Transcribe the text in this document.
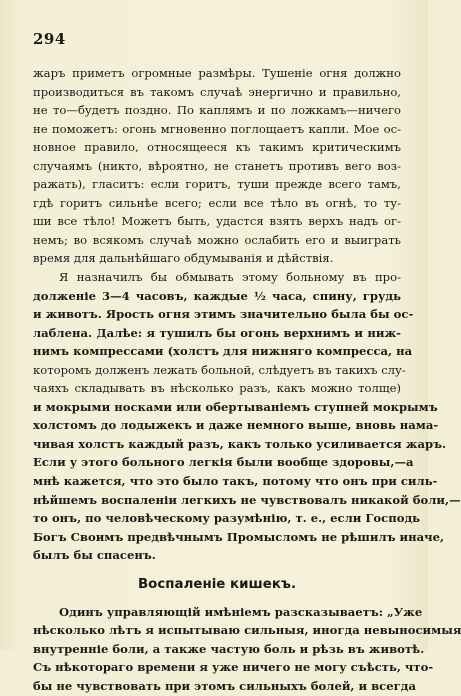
294
жаръ приметъ огромные размѣры. Тушеніе огня должно
производиться въ такомъ случаѣ энергично и правильно,
не то—будетъ поздно. По каплямъ и по ложкамъ—ничего
не поможетъ: огонь мгновенно поглощаетъ капли. Мое ос-
новное правило, относящееся къ такимъ критическимъ
случаямъ (никто, вѣроятно, не станетъ противъ вего воз-
ражать), гласитъ: если горитъ, туши прежде всего тамъ,
гдѣ горитъ сильнѣе всего; если все тѣло въ огнѣ, то ту-
ши все тѣло! Можетъ быть, удастся взять верхъ надъ ог-
немъ; во всякомъ случаѣ можно ослабить его и выиграть
время для дальнѣйшаго обдумыванія и дѣйствія.
Я назначилъ бы обмывать этому больному въ про-
долженіе 3—4 часовъ, каждые ½ часа, спину, грудь
и животъ. Ярость огня этимъ значительно была бы ос-
лаблена. Далѣе: я тушилъ бы огонь верхнимъ и ниж-
нимъ компрессами (холстъ для нижняго компресса, на
которомъ долженъ лежать больной, слѣдуетъ въ такихъ слу-
чаяхъ складывать въ нѣсколько разъ, какъ можно толще)
и мокрыми носками или обертываніемъ ступней мокрымъ
холстомъ до лодыжекъ и даже немного выше, вновь нама-
чивая холстъ каждый разъ, какъ только усиливается жаръ.
Если у этого больного легкія были вообще здоровы,—а
мнѣ кажется, что это было такъ, потому что онъ при силь-
нѣйшемъ воспаленіи легкихъ не чувствовалъ никакой боли,—
то онъ, по человѣческому разумѣнію, т. е., если Господь
Богъ Своимъ предвѣчнымъ Промысломъ не рѣшилъ иначе,
былъ бы спасенъ.
Воспаленіе кишекъ.
Одинъ управляющій имѣніемъ разсказываетъ: „Уже
нѣсколько лѣтъ я испытываю сильныя, иногда невыносимыя
внутренніе боли, а также частую боль и рѣзь въ животѣ.
Съ нѣкотораго времени я уже ничего не могу съѣсть, что-
бы не чувствовать при этомъ сильныхъ болей, и всегда
